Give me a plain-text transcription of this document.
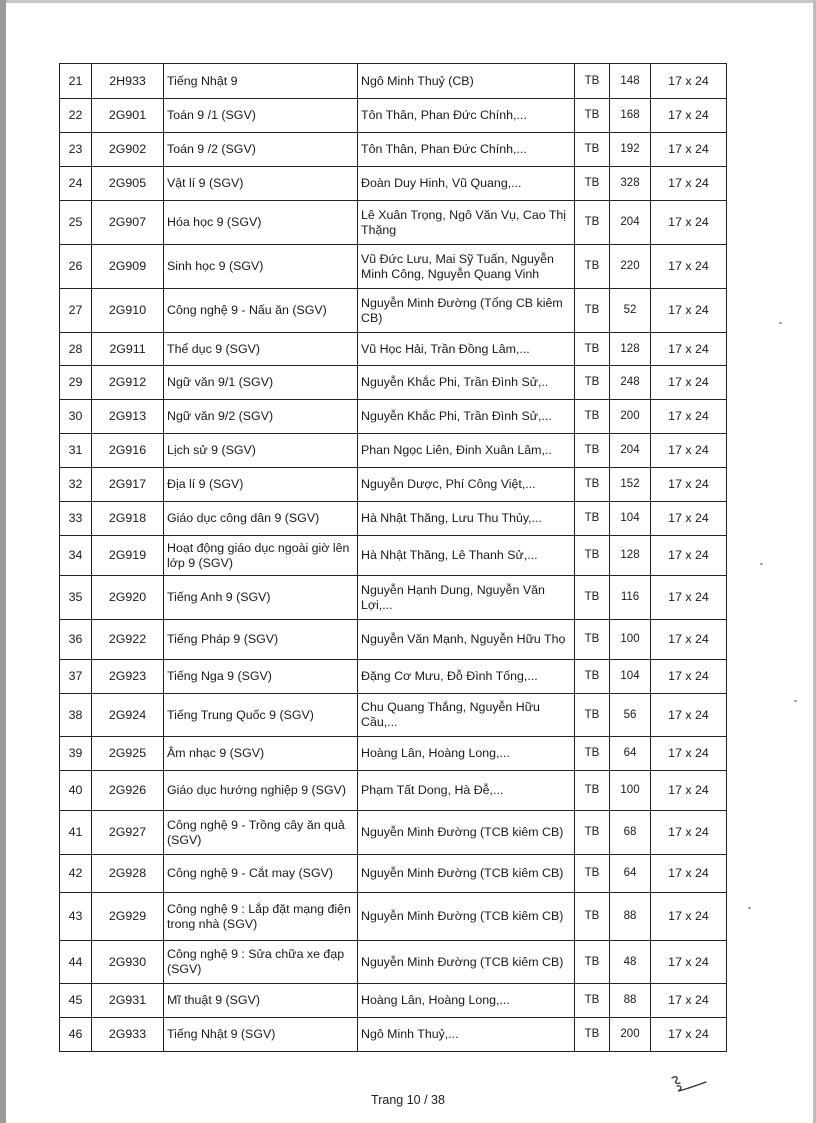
21	2H933	Tiếng Nhật 9	Ngô Minh Thuỷ (CB)	TB	148	17 x 24
22	2G901	Toán 9 /1 (SGV)	Tôn Thân, Phan Đức Chính,...	TB	168	17 x 24
23	2G902	Toán 9 /2 (SGV)	Tôn Thân, Phan Đức Chính,...	TB	192	17 x 24
24	2G905	Vật lí 9 (SGV)	Đoàn Duy Hinh, Vũ Quang,...	TB	328	17 x 24
25	2G907	Hóa học 9 (SGV)	Lê Xuân Trọng, Ngô Văn Vụ, Cao Thị Thặng	TB	204	17 x 24
26	2G909	Sinh học 9 (SGV)	Vũ Đức Lưu, Mai Sỹ Tuấn, Nguyễn Minh Công, Nguyễn Quang Vinh	TB	220	17 x 24
27	2G910	Công nghệ 9 - Nấu ăn (SGV)	Nguyễn Minh Đường (Tổng CB kiêm CB)	TB	52	17 x 24
28	2G911	Thể dục 9 (SGV)	Vũ Học Hải, Trần Đồng Lâm,...	TB	128	17 x 24
29	2G912	Ngữ văn 9/1 (SGV)	Nguyễn Khắc Phi, Trần Đình Sử,..	TB	248	17 x 24
30	2G913	Ngữ văn 9/2 (SGV)	Nguyễn Khắc Phi, Trần Đình Sử,...	TB	200	17 x 24
31	2G916	Lịch sử 9 (SGV)	Phan Ngọc Liên, Đinh Xuân Lâm,..	TB	204	17 x 24
32	2G917	Địa lí 9 (SGV)	Nguyễn Dược, Phí Công Việt,...	TB	152	17 x 24
33	2G918	Giáo dục công dân 9 (SGV)	Hà Nhật Thăng, Lưu Thu Thủy,...	TB	104	17 x 24
34	2G919	Hoạt động giáo dục ngoài giờ lên lớp 9 (SGV)	Hà Nhật Thăng, Lê Thanh Sử,...	TB	128	17 x 24
35	2G920	Tiếng Anh 9 (SGV)	Nguyễn Hạnh Dung, Nguyễn Văn Lợi,...	TB	116	17 x 24
36	2G922	Tiếng Pháp 9 (SGV)	Nguyễn Văn Mạnh, Nguyễn Hữu Thọ	TB	100	17 x 24
37	2G923	Tiếng Nga 9 (SGV)	Đặng Cơ Mưu, Đỗ Đình Tống,...	TB	104	17 x 24
38	2G924	Tiếng Trung Quốc 9 (SGV)	Chu Quang Thắng, Nguyễn Hữu Cầu,...	TB	56	17 x 24
39	2G925	Âm nhạc 9 (SGV)	Hoàng Lân, Hoàng Long,...	TB	64	17 x 24
40	2G926	Giáo dục hướng nghiệp 9 (SGV)	Phạm Tất Dong, Hà Đễ,...	TB	100	17 x 24
41	2G927	Công nghệ 9 - Trồng cây ăn quả (SGV)	Nguyễn Minh Đường (TCB kiêm CB)	TB	68	17 x 24
42	2G928	Công nghệ 9 - Cắt may (SGV)	Nguyễn Minh Đường (TCB kiêm CB)	TB	64	17 x 24
43	2G929	Công nghệ 9 : Lắp đặt mạng điện trong nhà (SGV)	Nguyễn Minh Đường (TCB kiêm CB)	TB	88	17 x 24
44	2G930	Công nghệ 9 : Sửa chữa xe đạp (SGV)	Nguyễn Minh Đường (TCB kiêm CB)	TB	48	17 x 24
45	2G931	Mĩ thuật 9 (SGV)	Hoàng Lân, Hoàng Long,...	TB	88	17 x 24
46	2G933	Tiếng Nhật 9 (SGV)	Ngô Minh Thuỷ,...	TB	200	17 x 24
Trang 10 / 38
